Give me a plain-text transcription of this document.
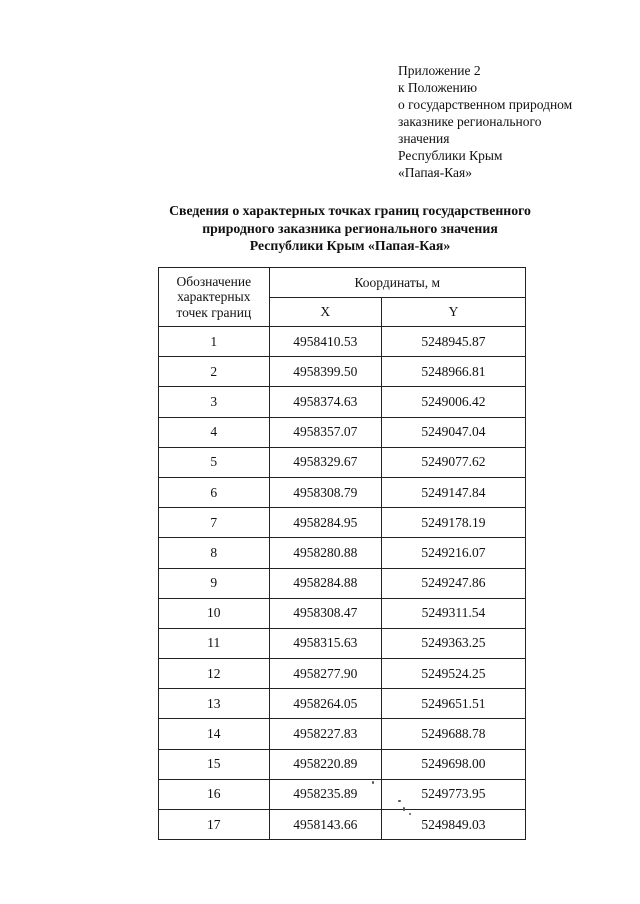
Приложение 2
к Положению
о государственном природном
заказнике регионального
значения
Республики Крым
«Папая-Кая»
Сведения о характерных точках границ государственного
природного заказника регионального значения
Республики Крым «Папая-Кая»
Обозначение
характерных
точек границ	Координаты, м	
	X	Y
1	4958410.53	5248945.87
2	4958399.50	5248966.81
3	4958374.63	5249006.42
4	4958357.07	5249047.04
5	4958329.67	5249077.62
6	4958308.79	5249147.84
7	4958284.95	5249178.19
8	4958280.88	5249216.07
9	4958284.88	5249247.86
10	4958308.47	5249311.54
11	4958315.63	5249363.25
12	4958277.90	5249524.25
13	4958264.05	5249651.51
14	4958227.83	5249688.78
15	4958220.89	5249698.00
16	4958235.89	5249773.95
17	4958143.66	5249849.03
